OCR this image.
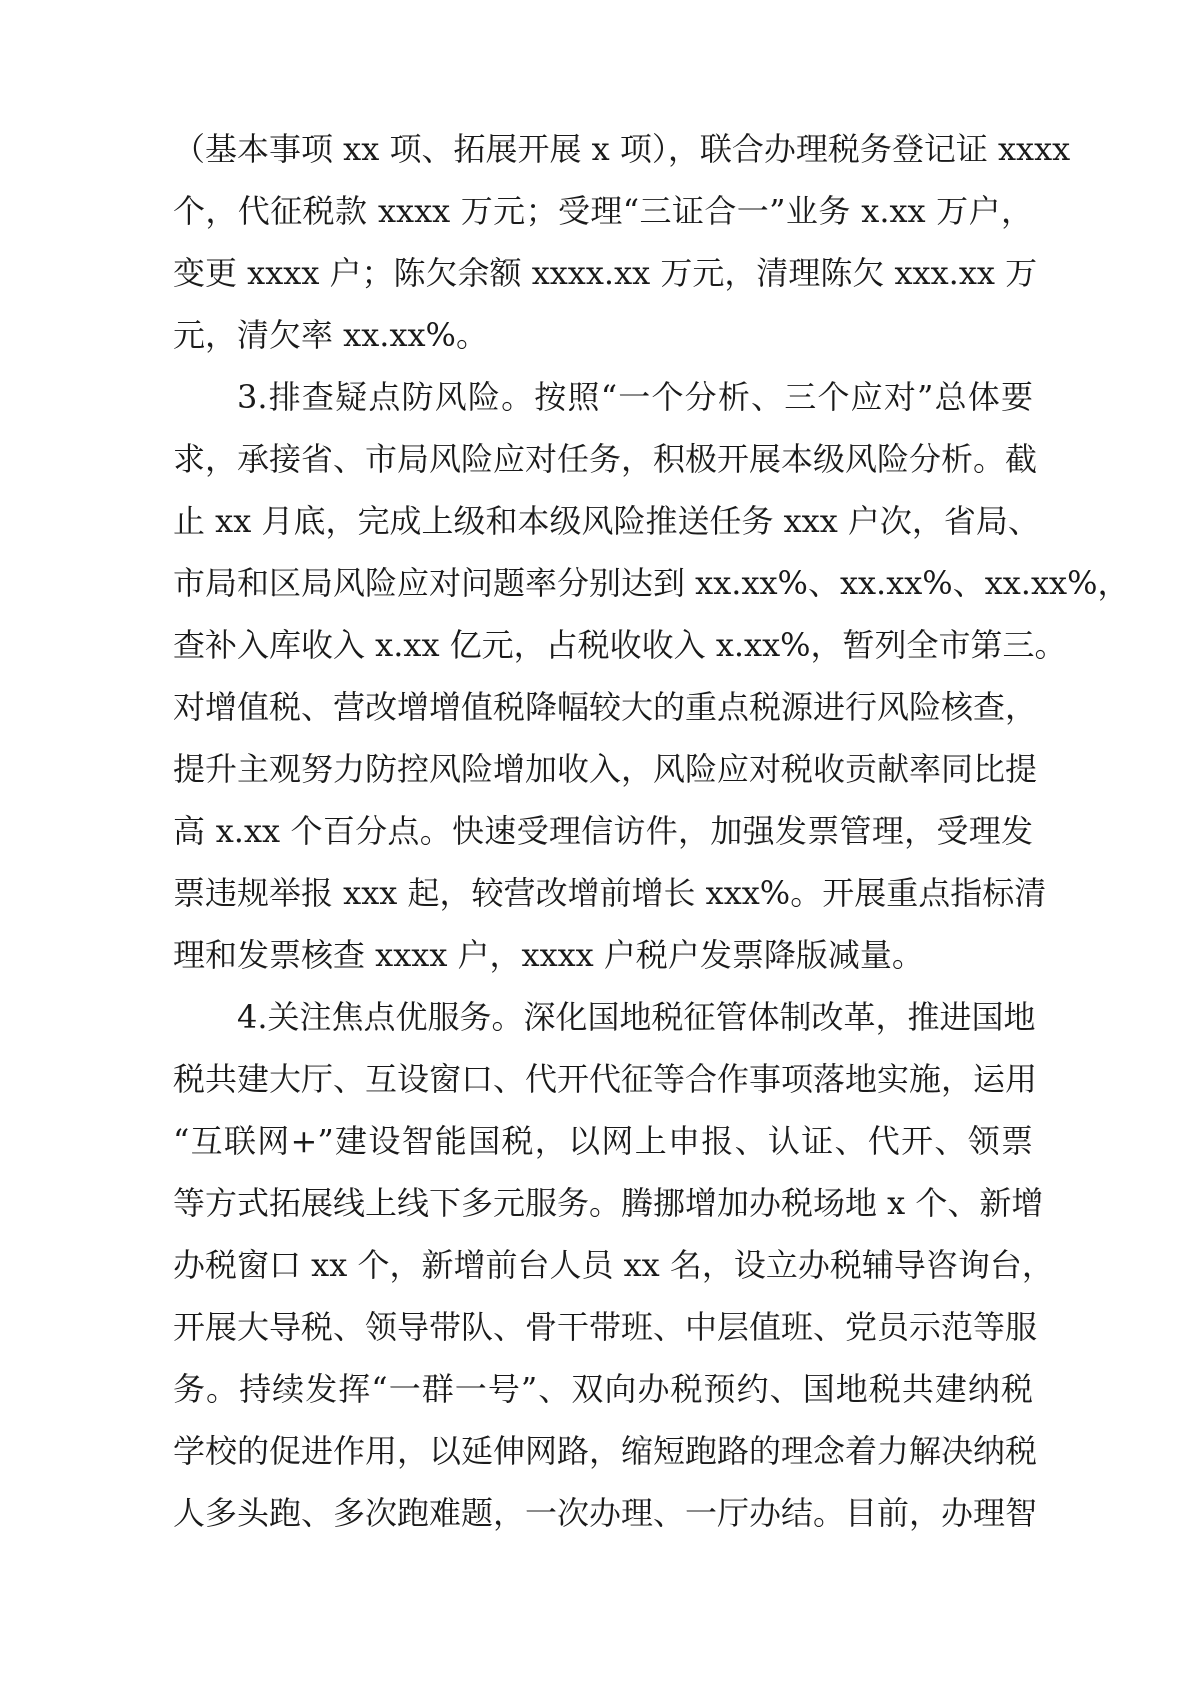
（基本事项 xx 项、拓展开展 x 项），联合办理税务登记证 xxxx
个，代征税款 xxxx 万元；受理“三证合一”业务 x.xx 万户，
变更 xxxx 户；陈欠余额 xxxx.xx 万元，清理陈欠 xxx.xx 万
元，清欠率 xx.xx%。
3.排查疑点防风险。按照“一个分析、三个应对”总体要
求，承接省、市局风险应对任务，积极开展本级风险分析。截
止 xx 月底，完成上级和本级风险推送任务 xxx 户次，省局、
市局和区局风险应对问题率分别达到 xx.xx%、xx.xx%、xx.xx%，
查补入库收入 x.xx 亿元，占税收收入 x.xx%，暂列全市第三。
对增值税、营改增增值税降幅较大的重点税源进行风险核查，
提升主观努力防控风险增加收入，风险应对税收贡献率同比提
高 x.xx 个百分点。快速受理信访件，加强发票管理，受理发
票违规举报 xxx 起，较营改增前增长 xxx%。开展重点指标清
理和发票核查 xxxx 户，xxxx 户税户发票降版减量。
4.关注焦点优服务。深化国地税征管体制改革，推进国地
税共建大厅、互设窗口、代开代征等合作事项落地实施，运用
“互联网+”建设智能国税，以网上申报、认证、代开、领票
等方式拓展线上线下多元服务。腾挪增加办税场地 x 个、新增
办税窗口 xx 个，新增前台人员 xx 名，设立办税辅导咨询台，
开展大导税、领导带队、骨干带班、中层值班、党员示范等服
务。持续发挥“一群一号”、双向办税预约、国地税共建纳税
学校的促进作用，以延伸网路，缩短跑路的理念着力解决纳税
人多头跑、多次跑难题，一次办理、一厅办结。目前，办理智
